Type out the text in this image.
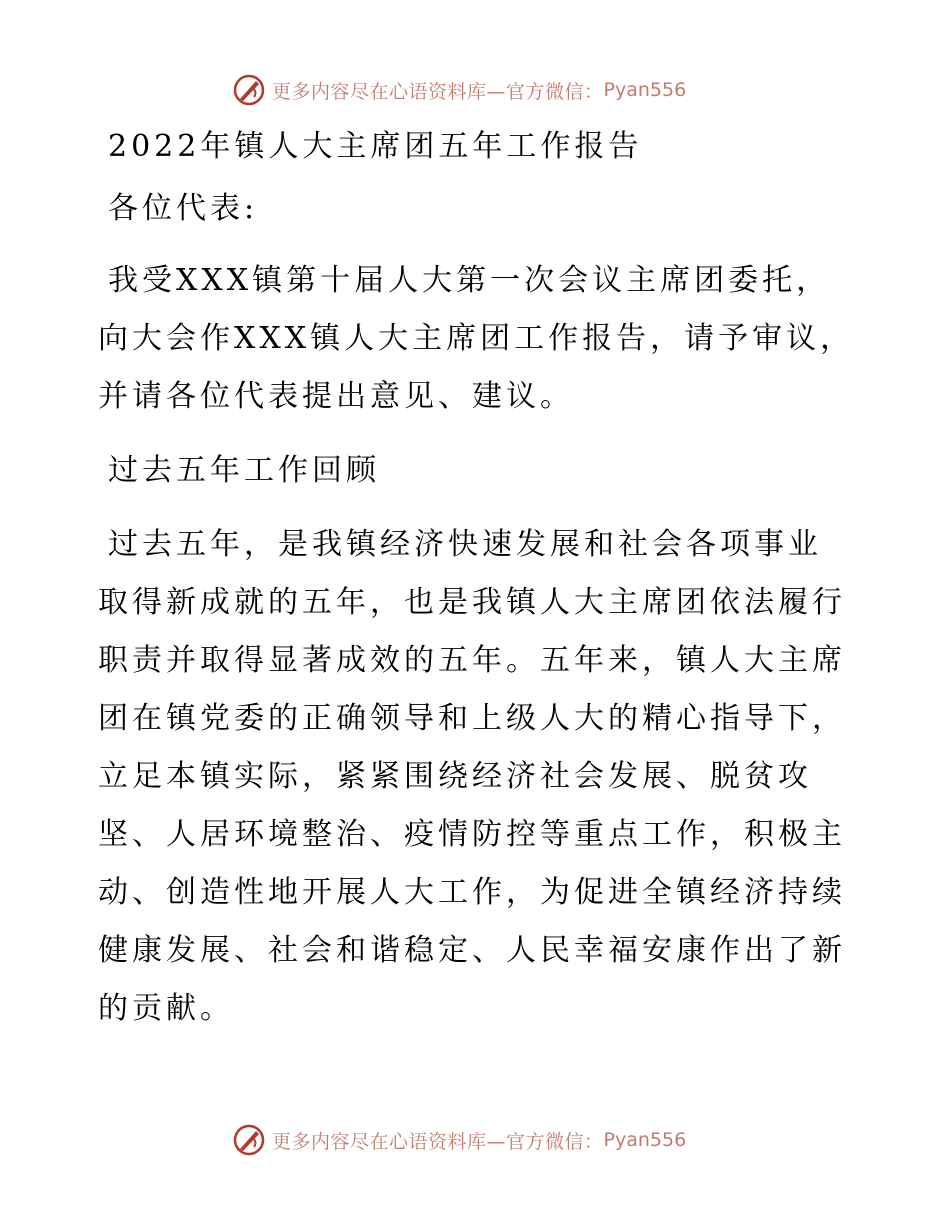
更多内容尽在心语资料库—官方微信： Pyan556

2022年镇人大主席团五年工作报告

各位代表:

我受XXX镇第十届人大第一次会议主席团委托，

向大会作XXX镇人大主席团工作报告，请予审议，

并请各位代表提出意见、建议。

过去五年工作回顾

过去五年，是我镇经济快速发展和社会各项事业

取得新成就的五年，也是我镇人大主席团依法履行

职责并取得显著成效的五年。五年来，镇人大主席

团在镇党委的正确领导和上级人大的精心指导下，

立足本镇实际，紧紧围绕经济社会发展、脱贫攻

坚、人居环境整治、疫情防控等重点工作，积极主

动、创造性地开展人大工作，为促进全镇经济持续

健康发展、社会和谐稳定、人民幸福安康作出了新

的贡献。

更多内容尽在心语资料库—官方微信： Pyan556
